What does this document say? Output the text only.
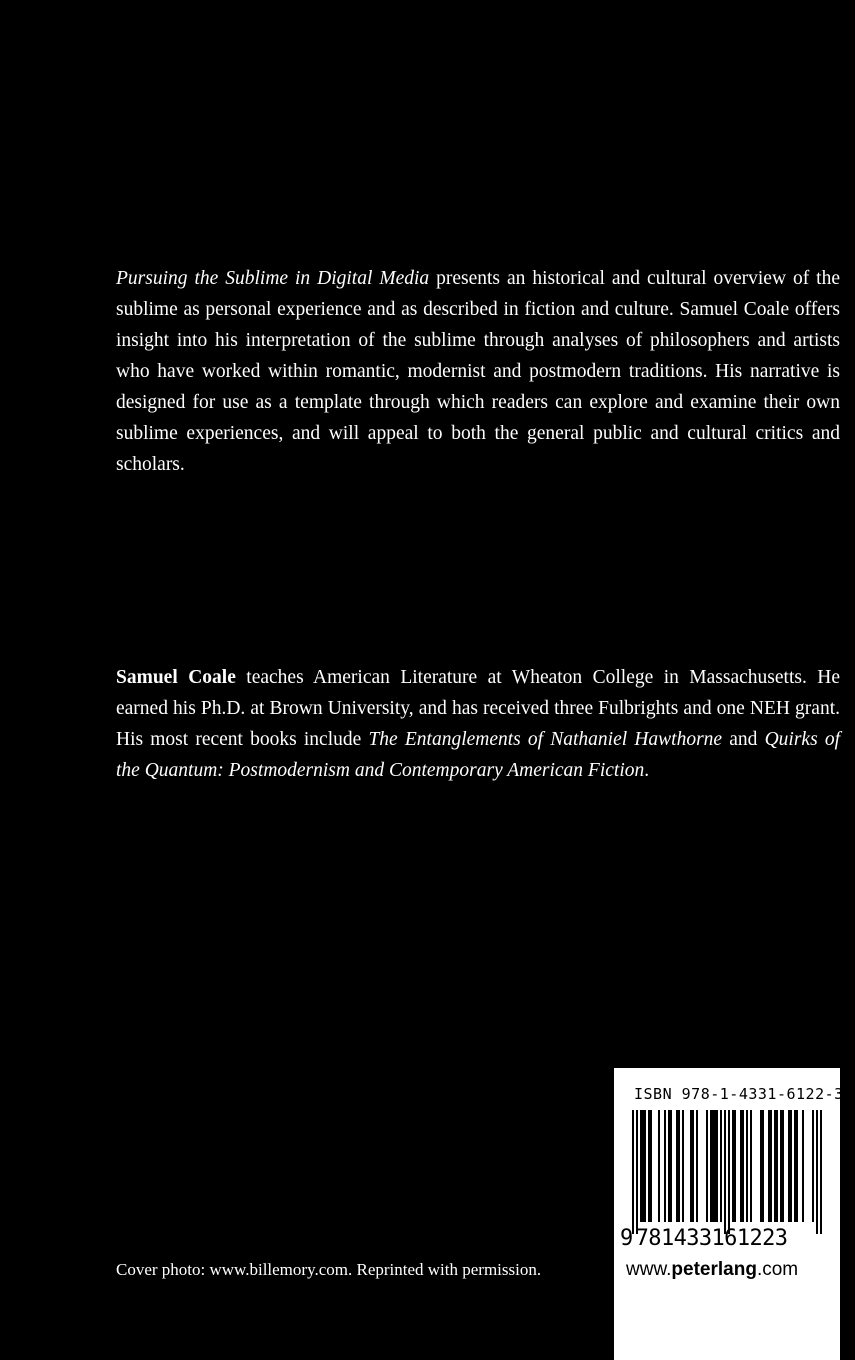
Pursuing the Sublime in Digital Media presents an historical and cultural overview of the sublime as personal experience and as described in fiction and culture. Samuel Coale offers insight into his interpretation of the sublime through analyses of philosophers and artists who have worked within romantic, modernist and postmodern traditions. His narrative is designed for use as a template through which readers can explore and examine their own sublime experiences, and will appeal to both the general public and cultural critics and scholars.

Samuel Coale teaches American Literature at Wheaton College in Massachusetts. He earned his Ph.D. at Brown University, and has received three Fulbrights and one NEH grant. His most recent books include The Entanglements of Nathaniel Hawthorne and Quirks of the Quantum: Postmodernism and Contemporary American Fiction.

Cover photo: www.billemory.com. Reprinted with permission.

ISBN 978-1-4331-6122-3
9 781433161223
www.peterlang.com
